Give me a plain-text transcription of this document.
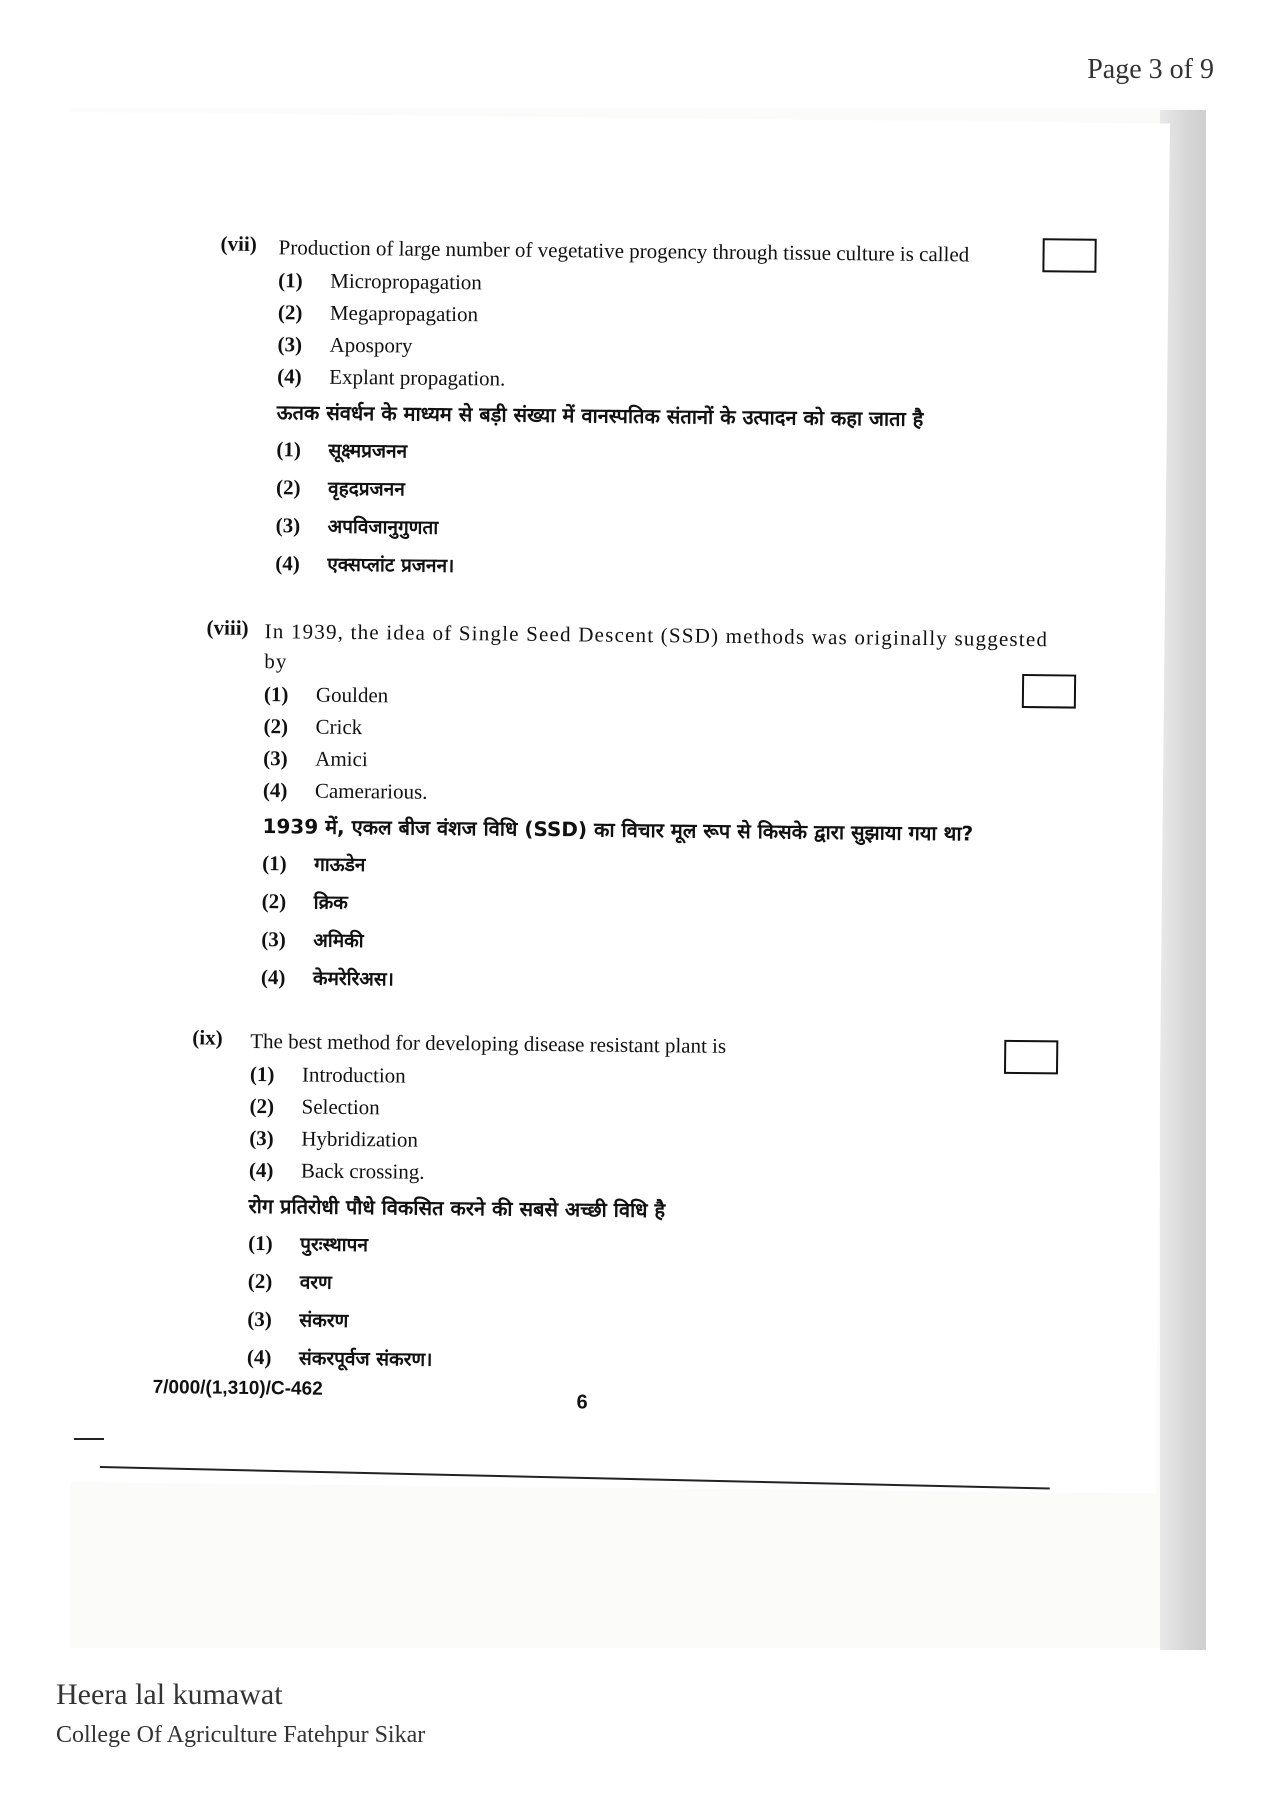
Page 3 of 9
(vii) Production of large number of vegetative progency through tissue culture is called
(1)	Micropropagation
(2)	Megapropagation
(3)	Apospory
(4)	Explant propagation.
ऊतक संवर्धन के माध्यम से बड़ी संख्या में वानस्पतिक संतानों के उत्पादन को कहा जाता है
(1)	सूक्ष्मप्रजनन
(2)	वृहदप्रजनन
(3)	अपविजानुगुणता
(4)	एक्सप्लांट प्रजनन।
(viii) In 1939, the idea of Single Seed Descent (SSD) methods was originally suggested by
(1)	Goulden
(2)	Crick
(3)	Amici
(4)	Camerarious.
1939 में, एकल बीज वंशज विधि (SSD) का विचार मूल रूप से किसके द्वारा सुझाया गया था?
(1)	गाऊडेन
(2)	क्रिक
(3)	अमिकी
(4)	केमरेरिअस।
(ix) The best method for developing disease resistant plant is
(1)	Introduction
(2)	Selection
(3)	Hybridization
(4)	Back crossing.
रोग प्रतिरोधी पौधे विकसित करने की सबसे अच्छी विधि है
(1)	पुरःस्थापन
(2)	वरण
(3)	संकरण
(4)	संकरपूर्वज संकरण।
7/000/(1,310)/C-462
6
Heera lal kumawat
College Of Agriculture Fatehpur Sikar
